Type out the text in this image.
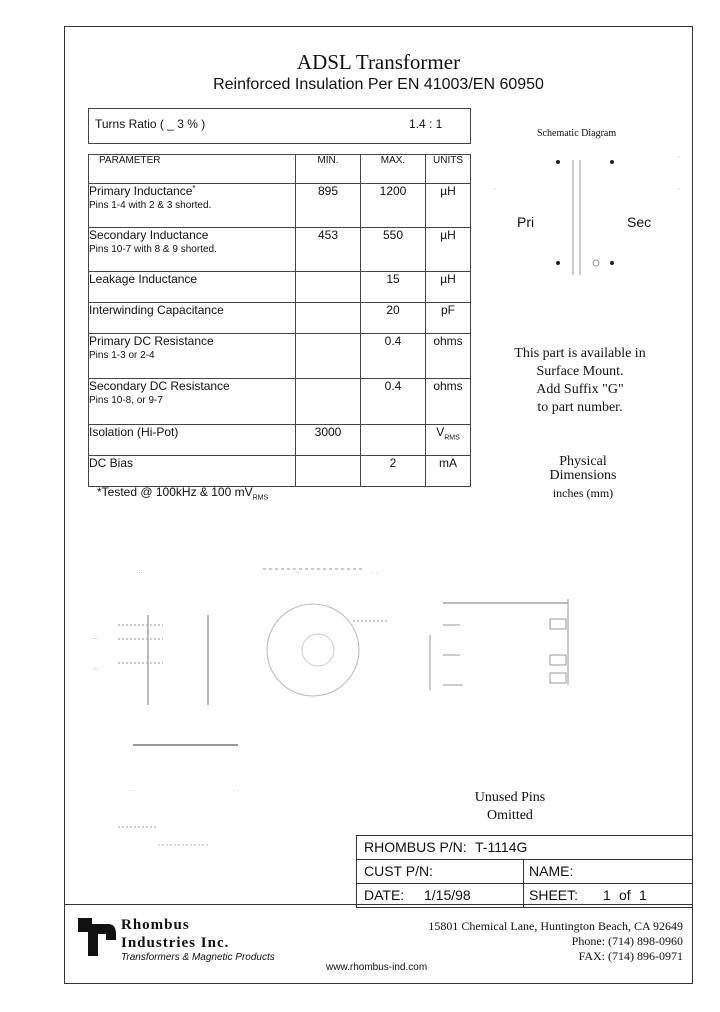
ADSL Transformer
Reinforced Insulation Per EN 41003/EN 60950
Turns Ratio ( _ 3 % ) 1.4 : 1			

PARAMETER	MIN.	MAX.	UNITS
Primary Inductance*
Pins 1-4 with 2 & 3 shorted.	895	1200	µH
Secondary Inductance
Pins 10-7 with 8 & 9 shorted.	453	550	µH
Leakage Inductance		15	µH
Interwinding Capacitance		20	pF
Primary DC Resistance
Pins 1-3 or 2-4		0.4	ohms
Secondary DC Resistance
Pins 10-8, or 9-7		0.4	ohms
Isolation (Hi-Pot)	3000		$V_{RMS}$
DC Bias		2	mA
*Tested @ 100kHz & 100 $mV_{RMS}$
Schematic Diagram
.
.
.
Pri	Sec
This part is available in
Surface Mount.
Add Suffix "G"
to part number.
Physical
Dimensions
inches (mm)
...
...
...
...	. .
. .	. .
Unused Pins
Omitted
RHOMBUS P/N: T-1114G
CUST P/N:	NAME:
DATE: 1/15/98	SHEET: 1 of 1
Rhombus
Industries Inc.
Transformers & Magnetic Products
15801 Chemical Lane, Huntington Beach, CA 92649
Phone: (714) 898-0960
FAX: (714) 896-0971
www.rhombus-ind.com
